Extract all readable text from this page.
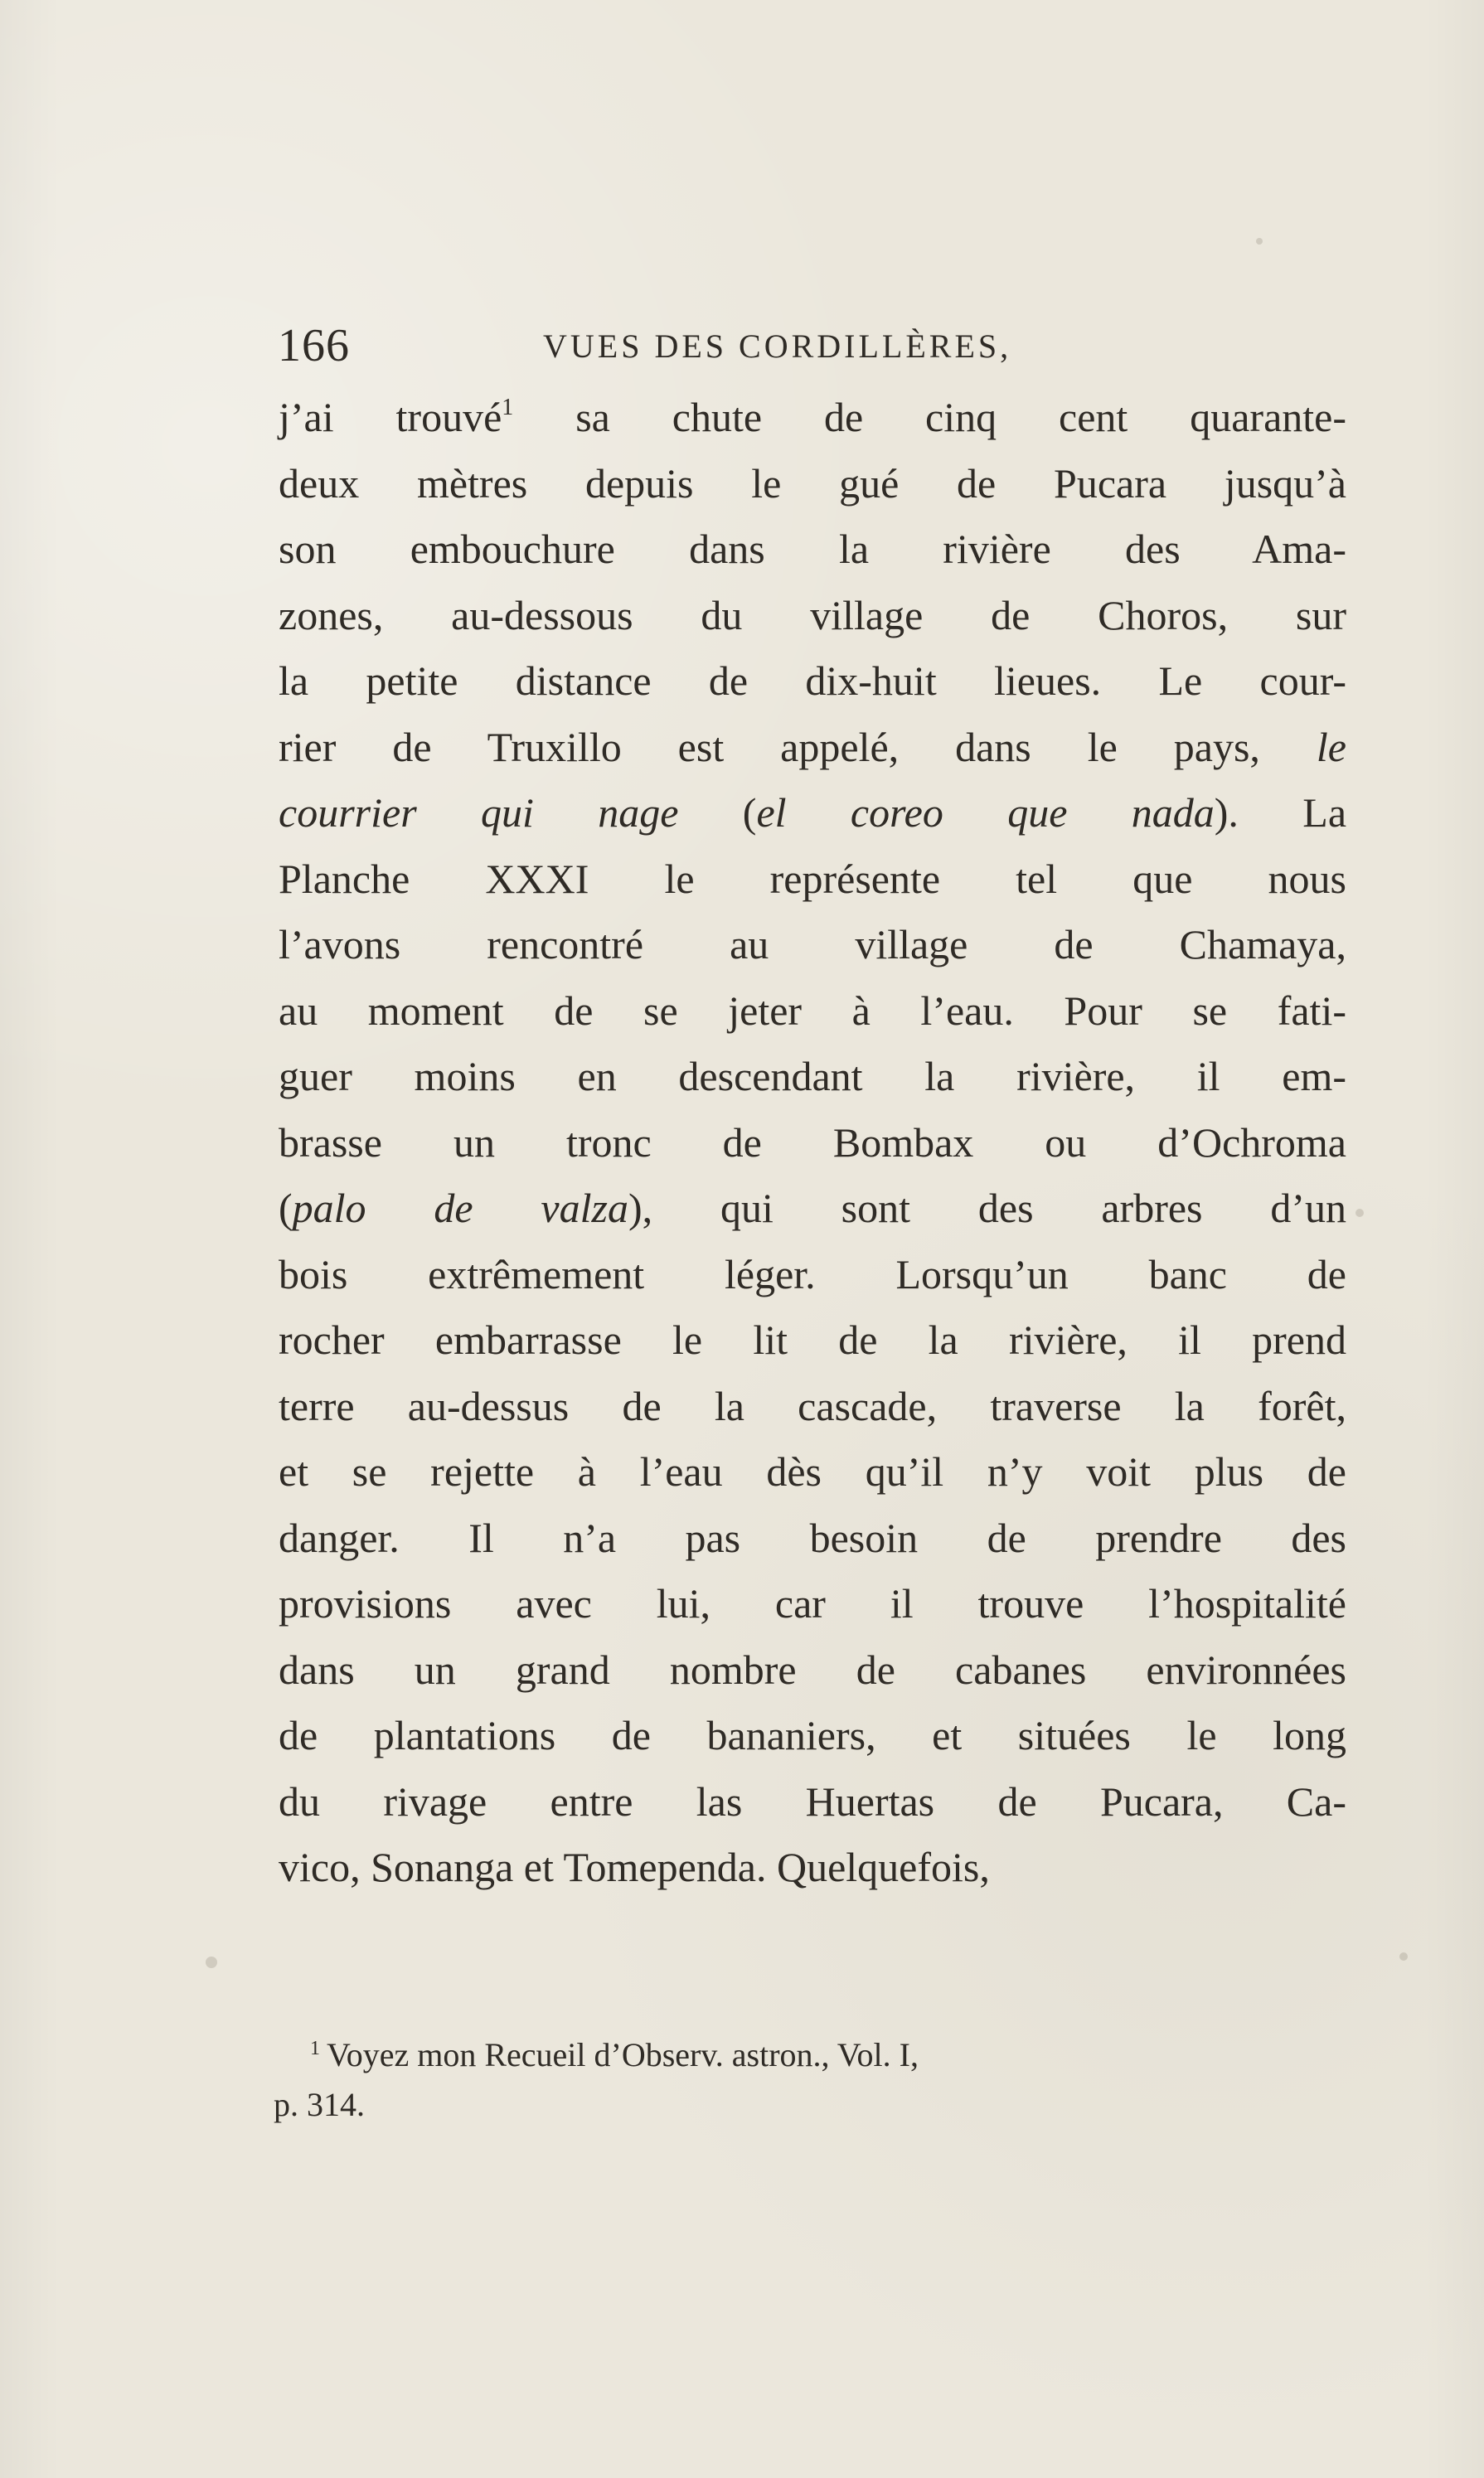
166	VUES DES CORDILLÈRES,
j’ai trouvé$^1$ sa chute de cinq cent quarante-
deux mètres depuis le gué de Pucara jusqu’à
son embouchure dans la rivière des Ama-
zones, au-dessous du village de Choros, sur
la petite distance de dix-huit lieues. Le cour-
rier de Truxillo est appelé, dans le pays, le
courrier qui nage (el coreo que nada). La
Planche XXXI le représente tel que nous
l’avons rencontré au village de Chamaya,
au moment de se jeter à l’eau. Pour se fati-
guer moins en descendant la rivière, il em-
brasse un tronc de Bombax ou d’Ochroma
(palo de valza), qui sont des arbres d’un
bois extrêmement léger. Lorsqu’un banc de
rocher embarrasse le lit de la rivière, il prend
terre au-dessus de la cascade, traverse la forêt,
et se rejette à l’eau dès qu’il n’y voit plus de
danger. Il n’a pas besoin de prendre des
provisions avec lui, car il trouve l’hospitalité
dans un grand nombre de cabanes environnées
de plantations de bananiers, et situées le long
du rivage entre las Huertas de Pucara, Ca-
vico, Sonanga et Tomependa. Quelquefois,
$^1$ Voyez mon Recueil d’Observ. astron., Vol. I,
p. 314.
